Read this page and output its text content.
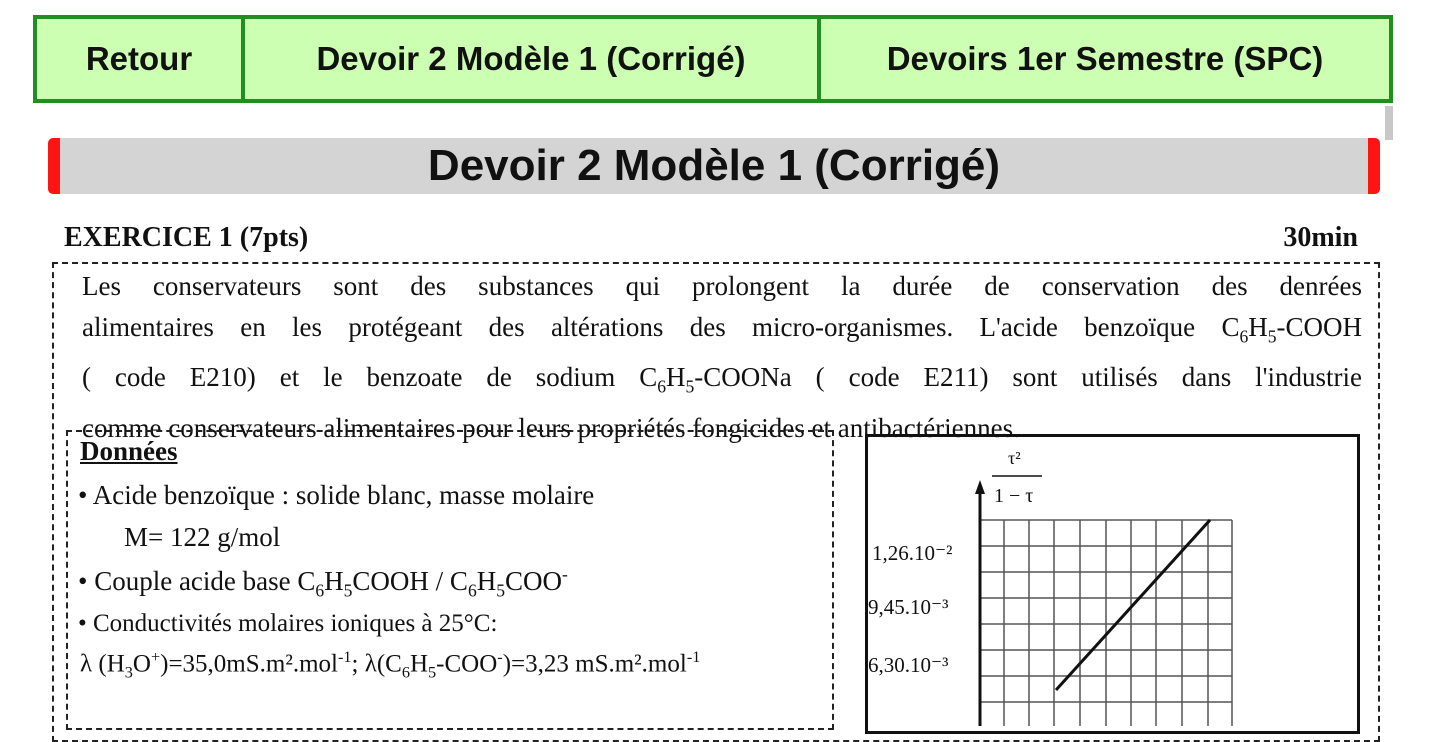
Retour	Devoir 2 Modèle 1 (Corrigé)	Devoirs 1er Semestre (SPC)
Devoir 2 Modèle 1 (Corrigé)
EXERCICE 1 (7pts)	30min

Les conservateurs sont des substances qui prolongent la durée de conservation des denrées

alimentaires en les protégeant des altérations des micro-organismes. L'acide benzoïque $C_6H_5$-COOH

( code E210) et le benzoate de sodium $C_6H_5$-COONa ( code E211) sont utilisés dans l'industrie

comme conservateurs alimentaires pour leurs propriétés fongicides et antibactériennes.

Données
• Acide benzoïque : solide blanc, masse molaire
M= 122 g/mol
• Couple acide base $C_6H_5COOH / C_6H_5COO^-$
• Conductivités molaires ioniques à 25°C:
λ $(H_3O^+)=35,0mS.m^2.mol^{-1}$; $\lambda(C_6H_5-COO^-)=3,23$ mS.m².mol$^{-1}$
τ²
1 − τ
1,26.10⁻²
9,45.10⁻³
6,30.10⁻³
